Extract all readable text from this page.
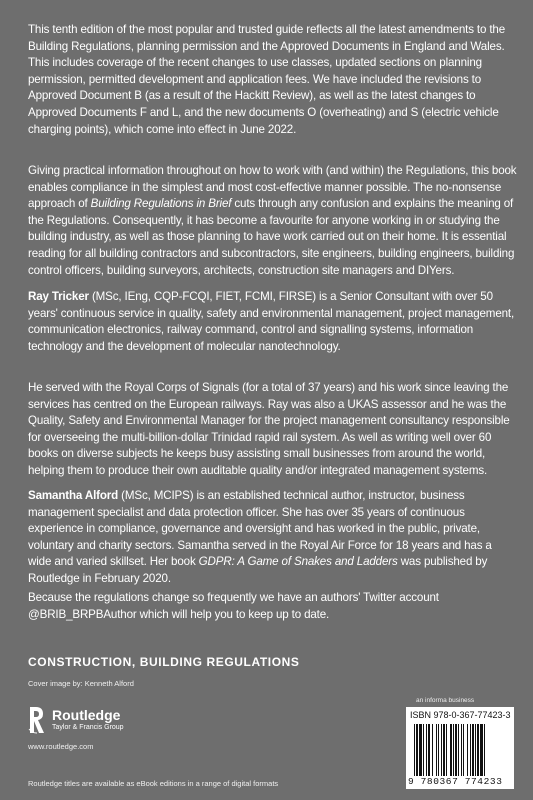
This tenth edition of the most popular and trusted guide reflects all the latest amendments to the Building Regulations, planning permission and the Approved Documents in England and Wales. This includes coverage of the recent changes to use classes, updated sections on planning permission, permitted development and application fees. We have included the revisions to Approved Document B (as a result of the Hackitt Review), as well as the latest changes to Approved Documents F and L, and the new documents O (overheating) and S (electric vehicle charging points), which come into effect in June 2022.

Giving practical information throughout on how to work with (and within) the Regulations, this book enables compliance in the simplest and most cost-effective manner possible. The no-nonsense approach of Building Regulations in Brief cuts through any confusion and explains the meaning of the Regulations. Consequently, it has become a favourite for anyone working in or studying the building industry, as well as those planning to have work carried out on their home. It is essential reading for all building contractors and subcontractors, site engineers, building engineers, building control officers, building surveyors, architects, construction site managers and DIYers.

Ray Tricker (MSc, IEng, CQP-FCQI, FIET, FCMI, FIRSE) is a Senior Consultant with over 50 years' continuous service in quality, safety and environmental management, project management, communication electronics, railway command, control and signalling systems, information technology and the development of molecular nanotechnology.

He served with the Royal Corps of Signals (for a total of 37 years) and his work since leaving the services has centred on the European railways. Ray was also a UKAS assessor and he was the Quality, Safety and Environmental Manager for the project management consultancy responsible for overseeing the multi-billion-dollar Trinidad rapid rail system. As well as writing well over 60 books on diverse subjects he keeps busy assisting small businesses from around the world, helping them to produce their own auditable quality and/or integrated management systems.

Samantha Alford (MSc, MCIPS) is an established technical author, instructor, business management specialist and data protection officer. She has over 35 years of continuous experience in compliance, governance and oversight and has worked in the public, private, voluntary and charity sectors. Samantha served in the Royal Air Force for 18 years and has a wide and varied skillset. Her book GDPR: A Game of Snakes and Ladders was published by Routledge in February 2020.

Because the regulations change so frequently we have an authors' Twitter account @BRIB_BRPBAuthor which will help you to keep up to date.

CONSTRUCTION, BUILDING REGULATIONS

Cover image by: Kenneth Alford
Routledge
Taylor & Francis Group
www.routledge.com
Routledge titles are available as eBook editions in a range of digital formats
an informa business
ISBN 978-0-367-77423-3
9 780367 774233
